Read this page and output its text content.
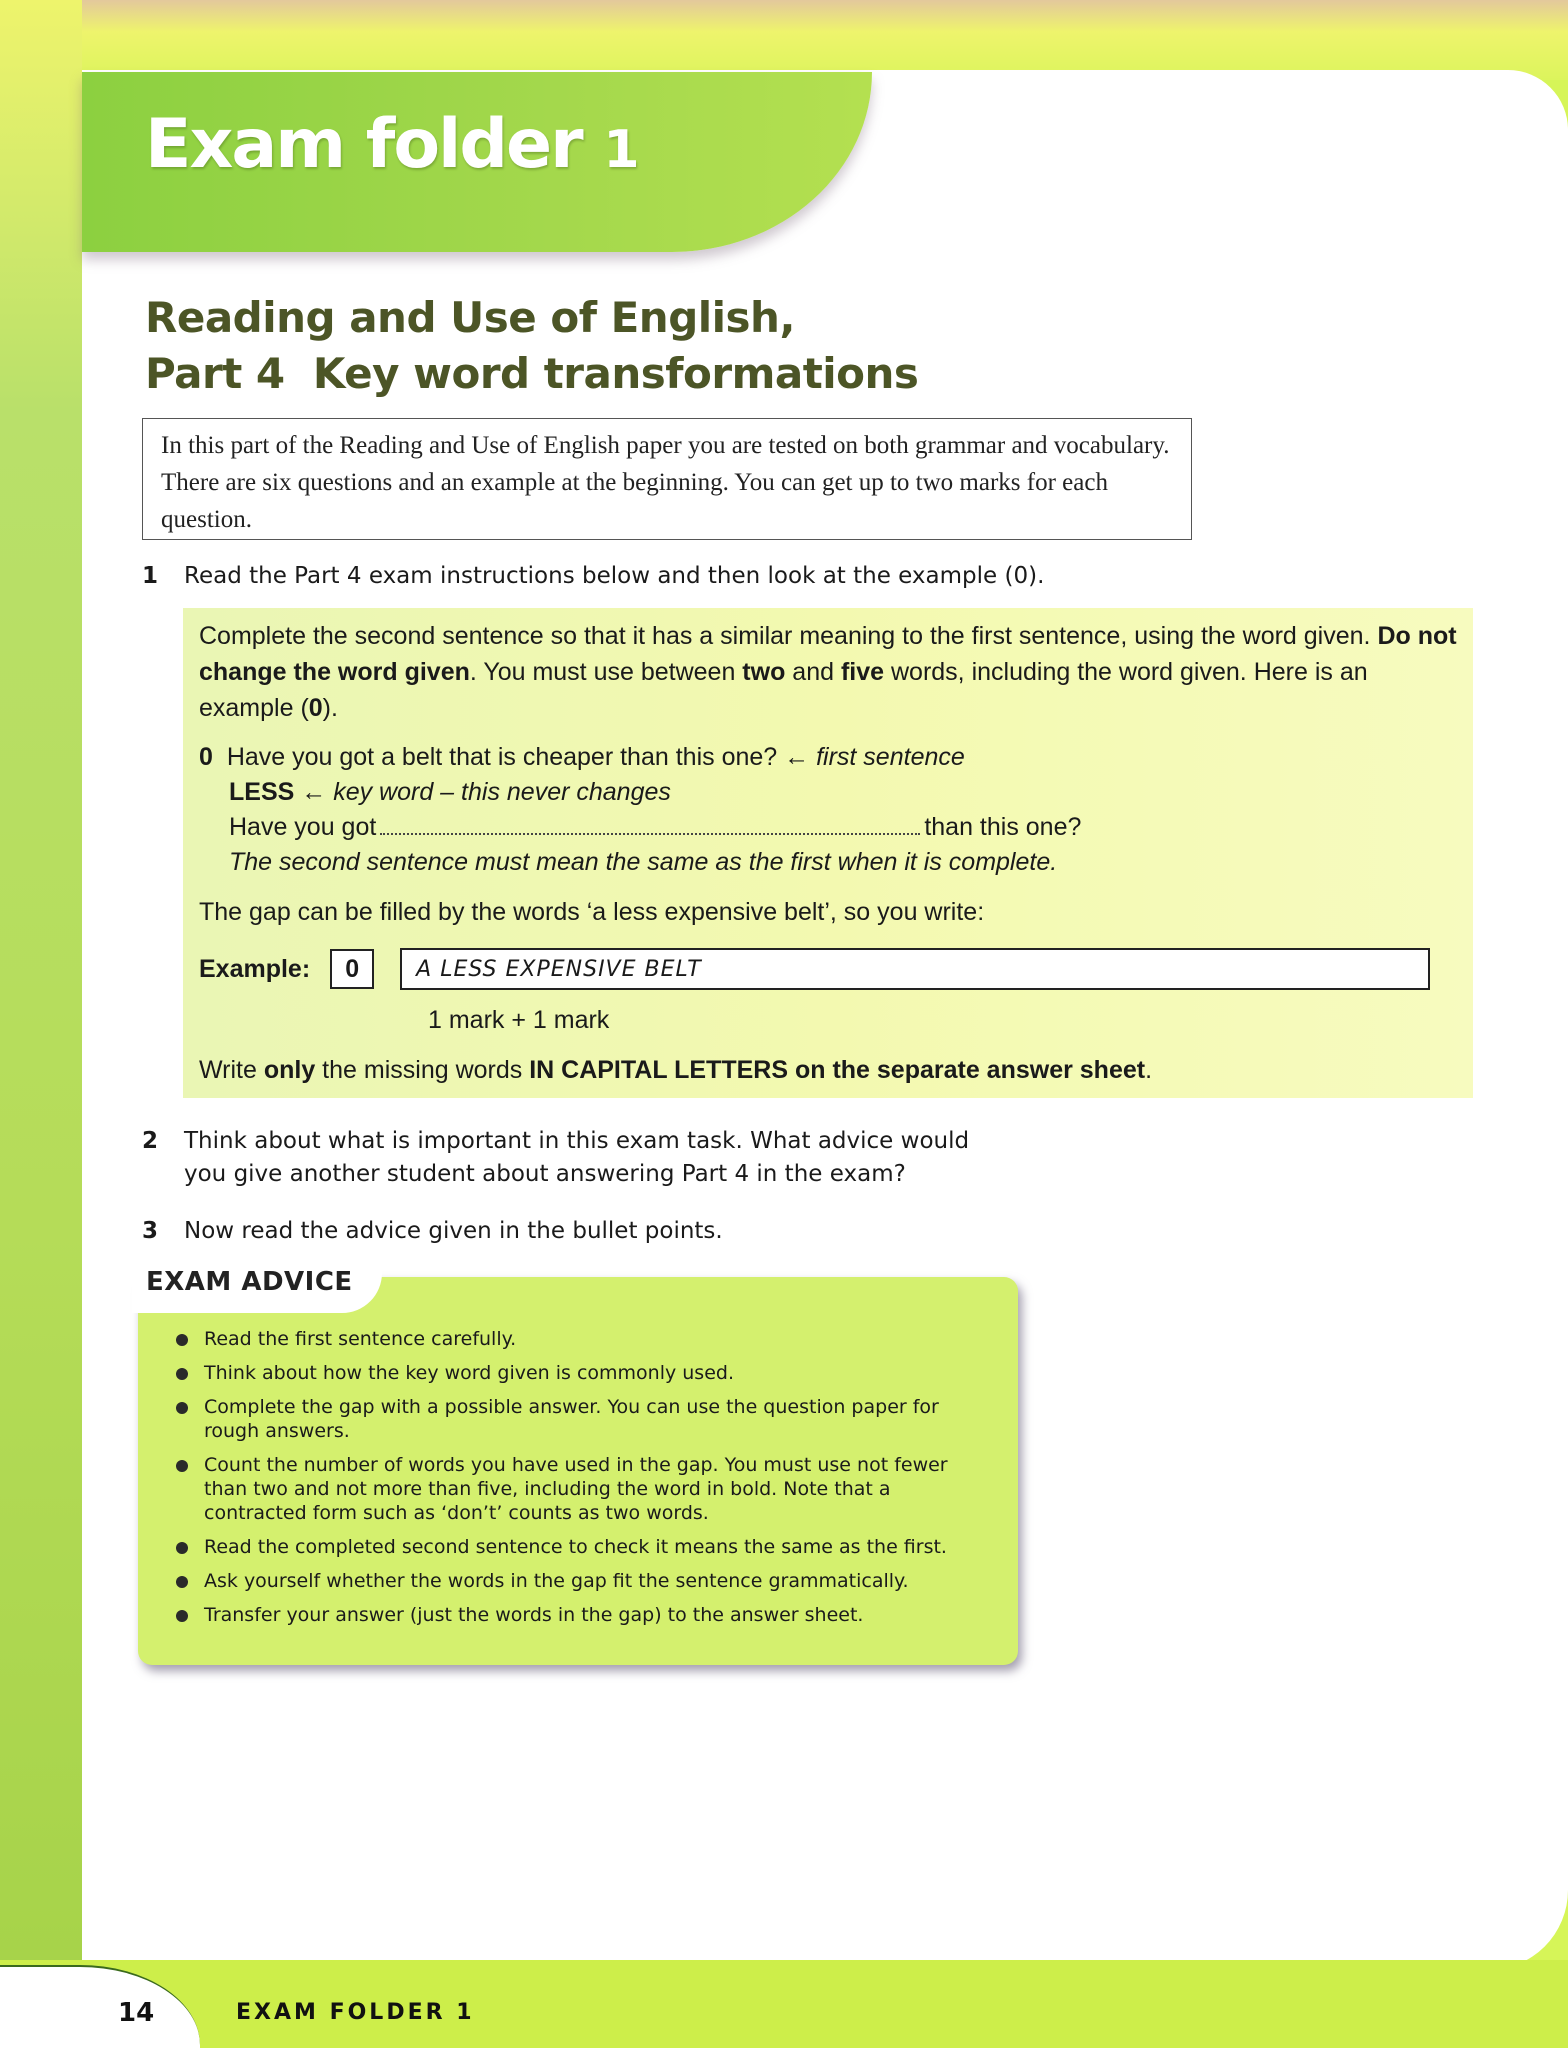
Exam folder 1
Reading and Use of English,
Part 4  Key word transformations
In this part of the Reading and Use of English paper you are tested on both grammar and vocabulary. There are six questions and an example at the beginning. You can get up to two marks for each question.
1 Read the Part 4 exam instructions below and then look at the example (0).
Complete the second sentence so that it has a similar meaning to the first sentence, using the word given. Do not change the word given. You must use between two and five words, including the word given. Here is an example (0).
0 Have you got a belt that is cheaper than this one? ← first sentence
LESS ← key word – this never changes
Have you got	than this one?
The second sentence must mean the same as the first when it is complete.
The gap can be filled by the words ‘a less expensive belt’, so you write:
Example:	0	A LESS EXPENSIVE BELT
1 mark + 1 mark
Write only the missing words IN CAPITAL LETTERS on the separate answer sheet.
2 Think about what is important in this exam task. What advice would you give another student about answering Part 4 in the exam?
3 Now read the advice given in the bullet points.
EXAM ADVICE
Read the first sentence carefully.
Think about how the key word given is commonly used.
Complete the gap with a possible answer. You can use the question paper for rough answers.
Count the number of words you have used in the gap. You must use not fewer than two and not more than five, including the word in bold. Note that a contracted form such as ‘don’t’ counts as two words.
Read the completed second sentence to check it means the same as the first.
Ask yourself whether the words in the gap fit the sentence grammatically.
Transfer your answer (just the words in the gap) to the answer sheet.
14	EXAM FOLDER 1
